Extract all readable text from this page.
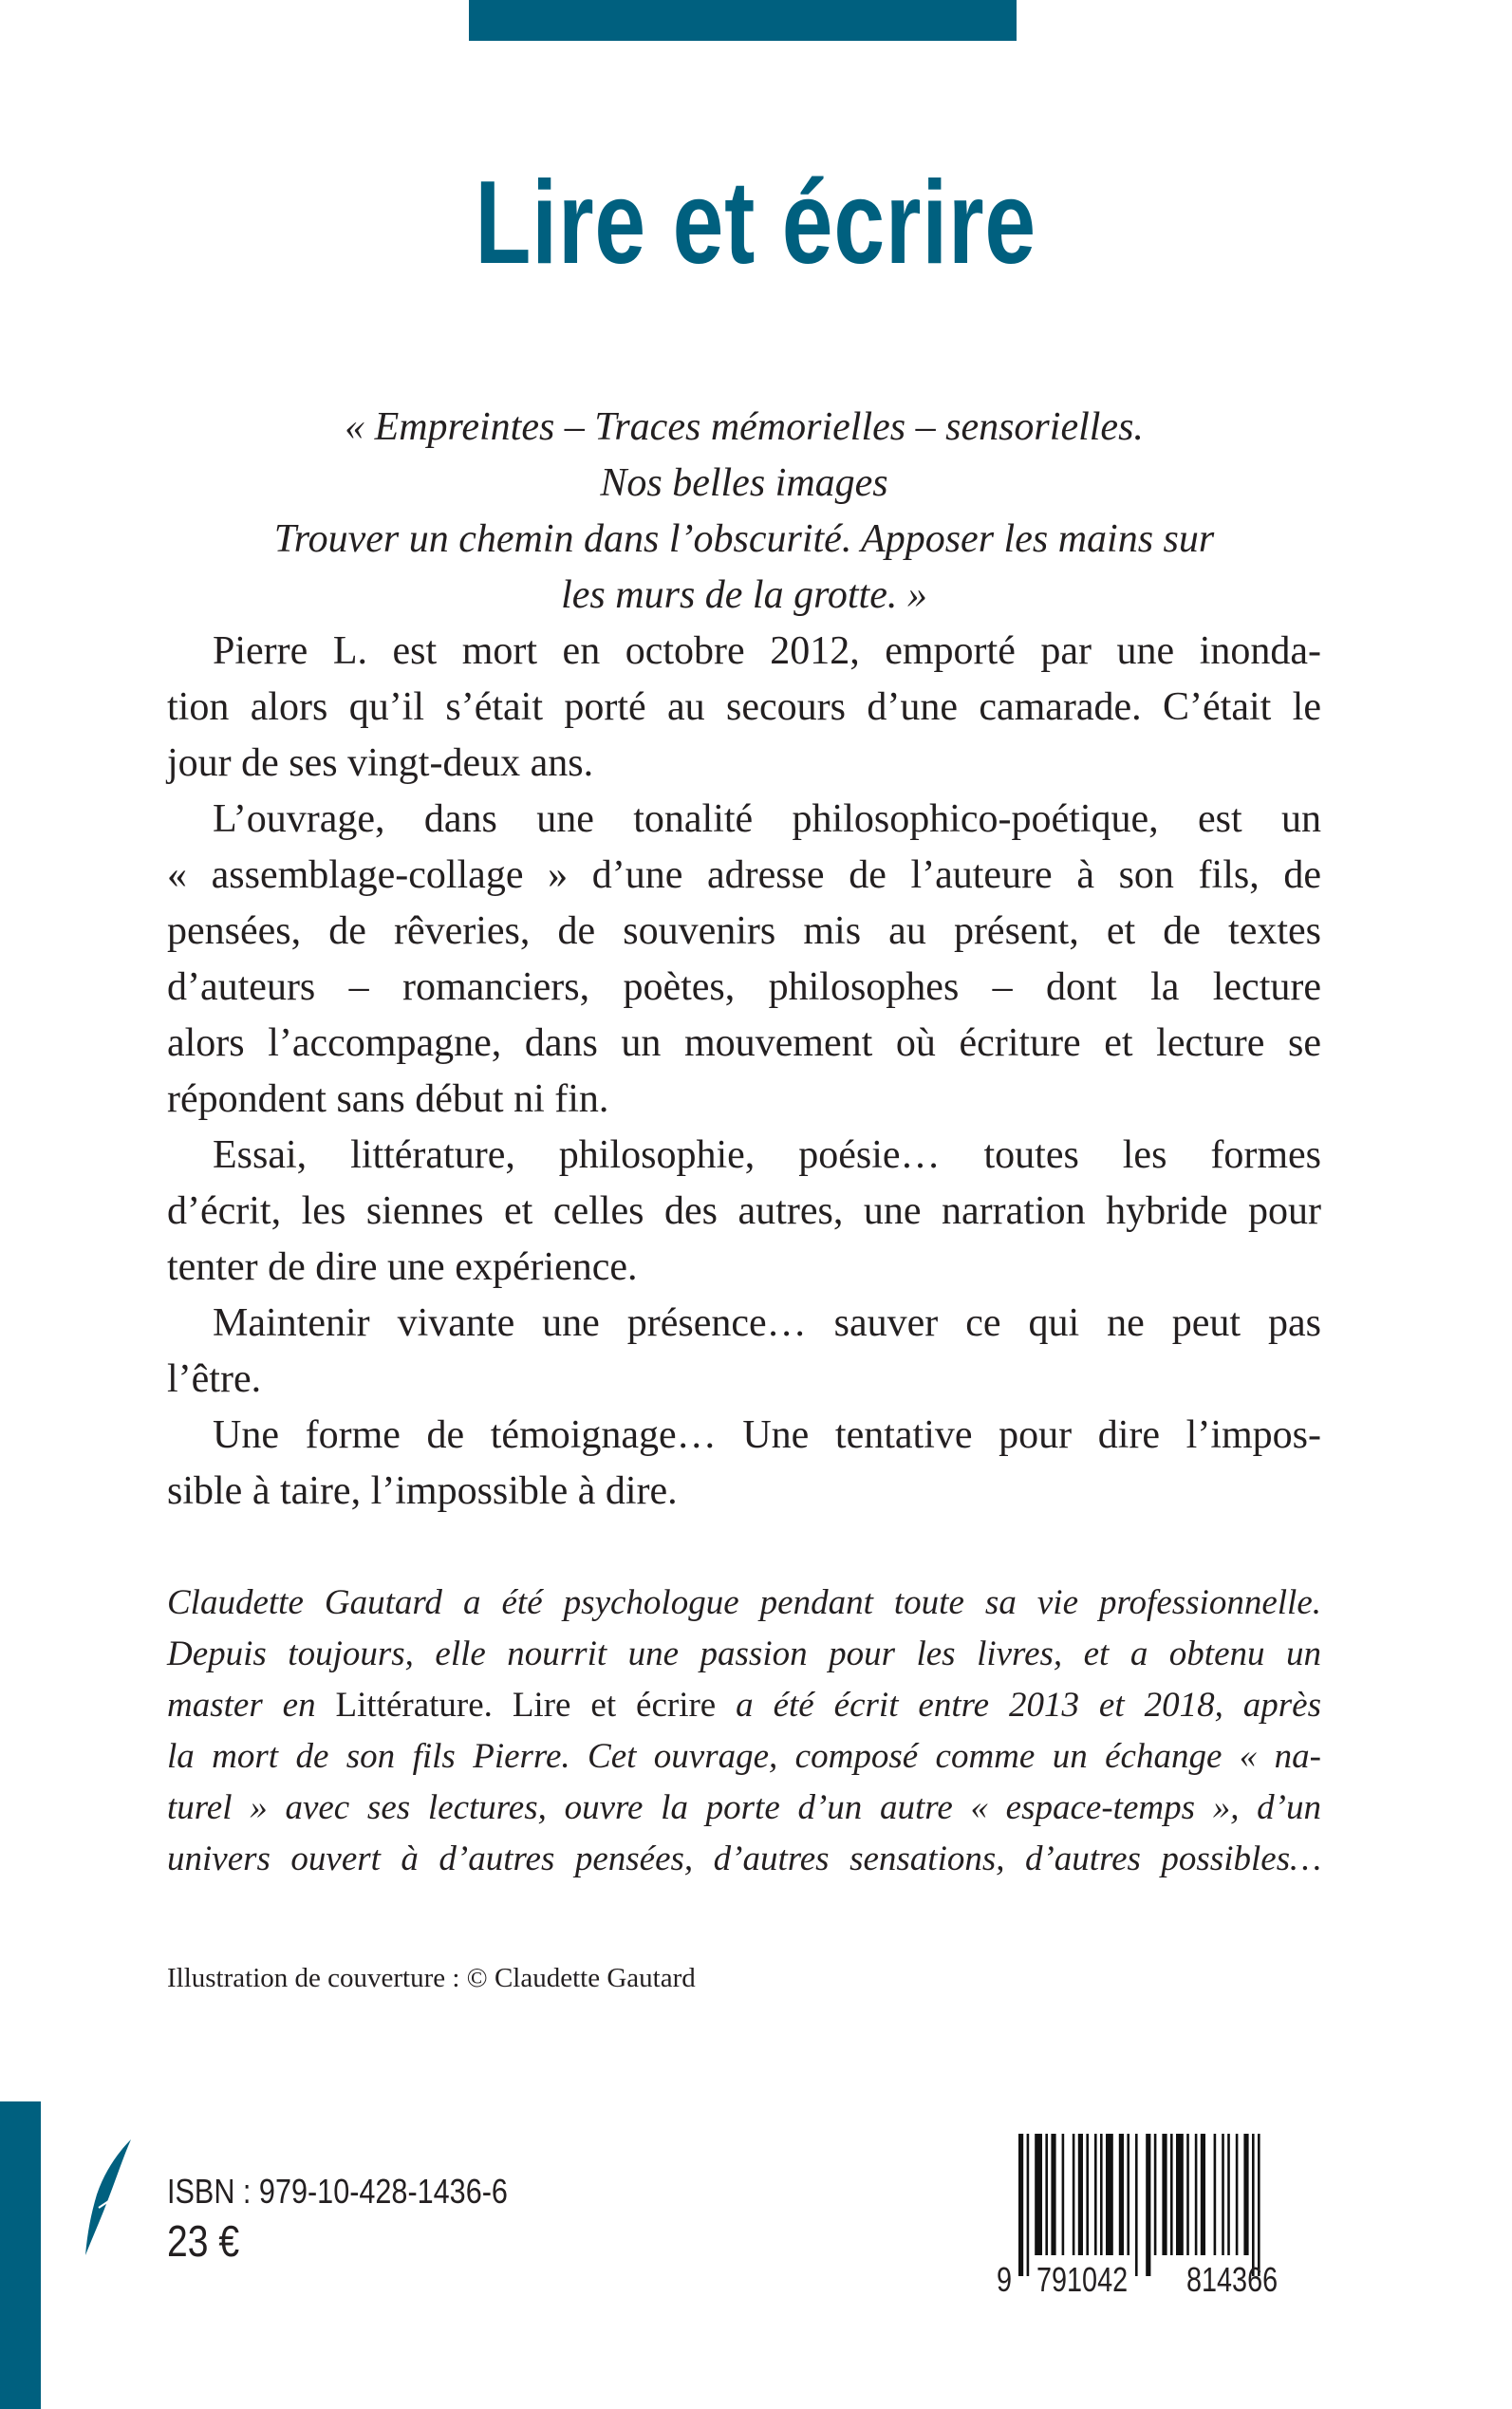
Lire et écrire
« Empreintes – Traces mémorielles – sensorielles.
Nos belles images
Trouver un chemin dans l’obscurité. Apposer les mains sur
les murs de la grotte. »
Pierre L. est mort en octobre 2012, emporté par une inonda-
tion alors qu’il s’était porté au secours d’une camarade. C’était le
jour de ses vingt-deux ans.
L’ouvrage, dans une tonalité philosophico-poétique, est un
« assemblage-collage » d’une adresse de l’auteure à son fils, de
pensées, de rêveries, de souvenirs mis au présent, et de textes
d’auteurs – romanciers, poètes, philosophes – dont la lecture
alors l’accompagne, dans un mouvement où écriture et lecture se
répondent sans début ni fin.
Essai, littérature, philosophie, poésie… toutes les formes
d’écrit, les siennes et celles des autres, une narration hybride pour
tenter de dire une expérience.
Maintenir vivante une présence… sauver ce qui ne peut pas
l’être.
Une forme de témoignage… Une tentative pour dire l’impos-
sible à taire, l’impossible à dire.
Claudette Gautard a été psychologue pendant toute sa vie professionnelle.
Depuis toujours, elle nourrit une passion pour les livres, et a obtenu un
master en Littérature. Lire et écrire a été écrit entre 2013 et 2018, après
la mort de son fils Pierre. Cet ouvrage, composé comme un échange « na-
turel » avec ses lectures, ouvre la porte d’un autre « espace-temps », d’un
univers ouvert à d’autres pensées, d’autres sensations, d’autres possibles…
Illustration de couverture : © Claudette Gautard
ISBN : 979-10-428-1436-6
23 €
9 791042 814366
